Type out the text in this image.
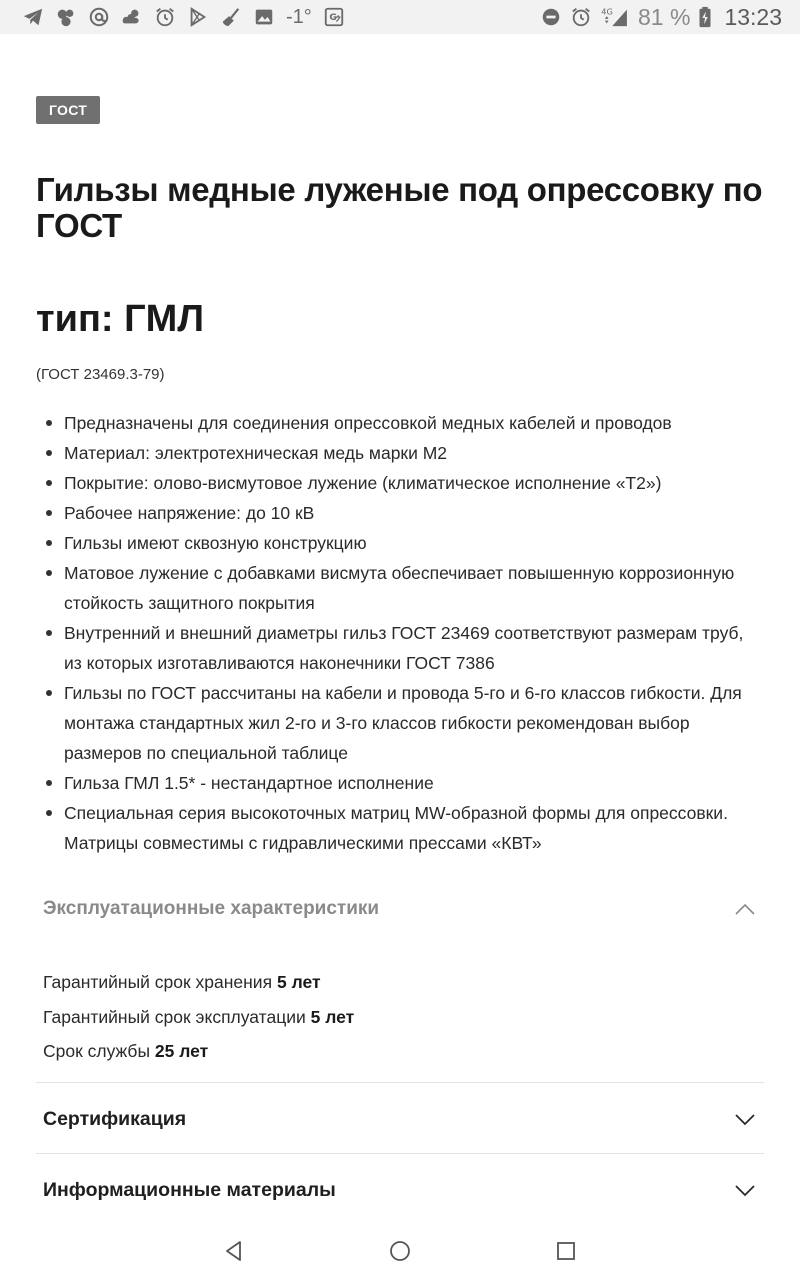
-1° G
4G 81 % 13:23
ГОСТ
Гильзы медные луженые под опрессовку по ГОСТ
тип: ГМЛ
(ГОСТ 23469.3-79)
Предназначены для соединения опрессовкой медных кабелей и проводов
Материал: электротехническая медь марки М2
Покрытие: олово-висмутовое лужение (климатическое исполнение «Т2»)
Рабочее напряжение: до 10 кВ
Гильзы имеют сквозную конструкцию
Матовое лужение с добавками висмута обеспечивает повышенную коррозионную стойкость защитного покрытия
Внутренний и внешний диаметры гильз ГОСТ 23469 соответствуют размерам труб, из которых изготавливаются наконечники ГОСТ 7386
Гильзы по ГОСТ рассчитаны на кабели и провода 5-го и 6-го классов гибкости. Для монтажа стандартных жил 2-го и 3-го классов гибкости рекомендован выбор размеров по специальной таблице
Гильза ГМЛ 1.5* - нестандартное исполнение
Специальная серия высокоточных матриц MW-образной формы для опрессовки. Матрицы совместимы с гидравлическими прессами «КВТ»
Эксплуатационные характеристики
Гарантийный срок хранения 5 лет
Гарантийный срок эксплуатации 5 лет
Срок службы 25 лет
Сертификация
Информационные материалы
